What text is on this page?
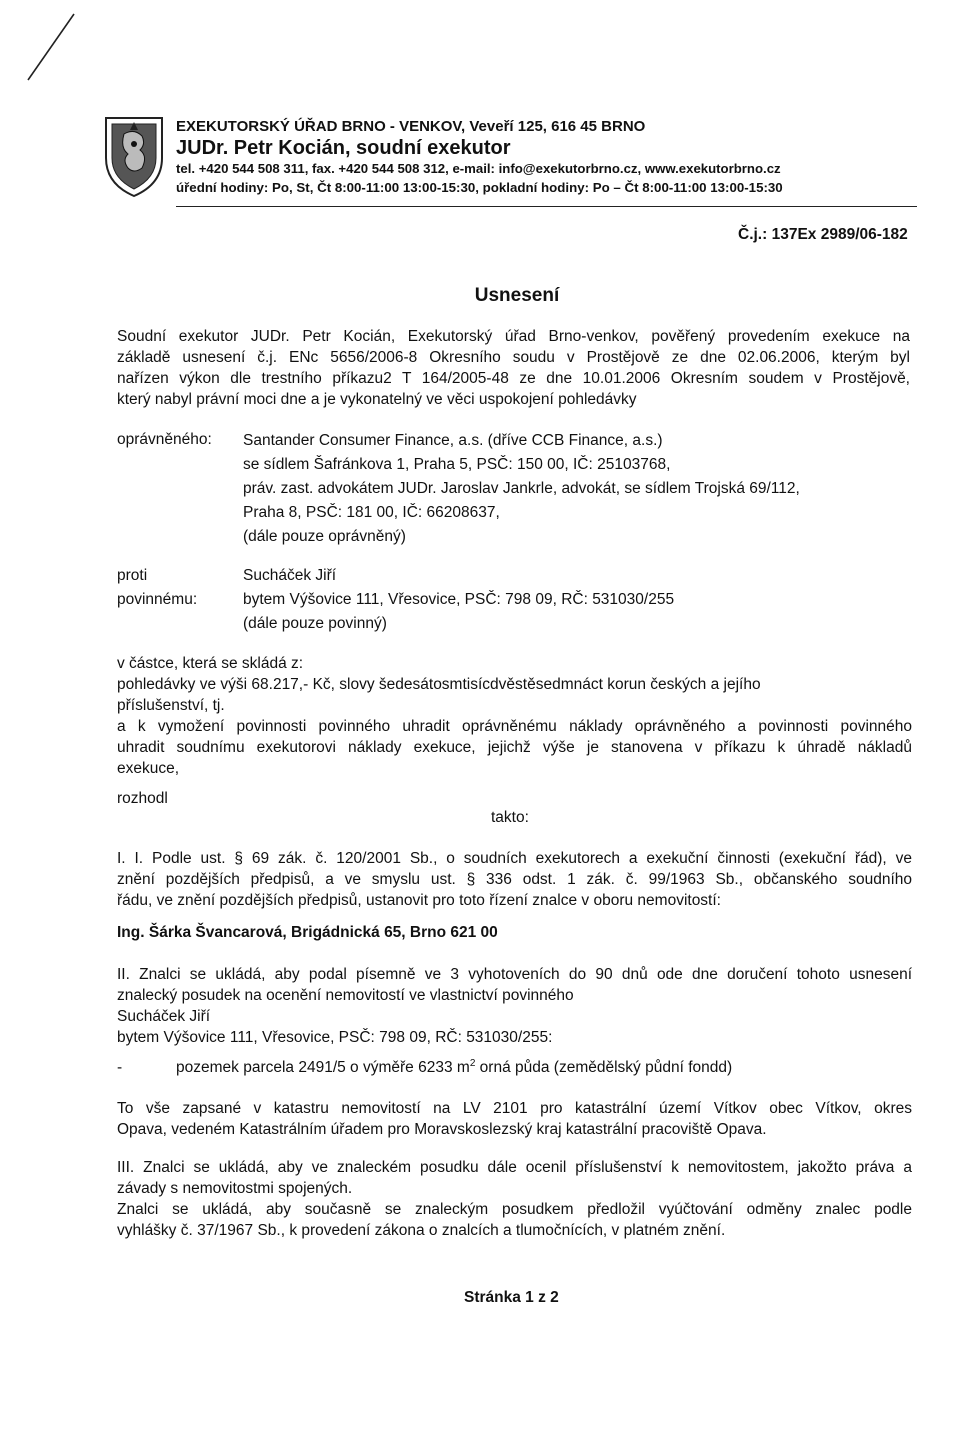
EXEKUTORSKÝ ÚŘAD BRNO - VENKOV, Veveří 125, 616 45 BRNO
JUDr. Petr Kocián, soudní exekutor
tel. +420 544 508 311, fax. +420 544 508 312, e-mail: info@exekutorbrno.cz, www.exekutorbrno.cz
úřední hodiny: Po, St, Čt 8:00-11:00 13:00-15:30, pokladní hodiny: Po – Čt 8:00-11:00 13:00-15:30
Č.j.: 137Ex 2989/06-182
Usnesení
Soudní exekutor JUDr. Petr Kocián, Exekutorský úřad Brno-venkov, pověřený provedením exekuce na
základě usnesení č.j. ENc 5656/2006-8 Okresního soudu v Prostějově ze dne 02.06.2006, kterým byl
nařízen výkon dle trestního příkazu2 T 164/2005-48 ze dne 10.01.2006 Okresním soudem v Prostějově,
který nabyl právní moci dne a je vykonatelný ve věci uspokojení pohledávky
oprávněného: Santander Consumer Finance, a.s. (dříve CCB Finance, a.s.)
se sídlem Šafránkova 1, Praha 5, PSČ: 150 00, IČ: 25103768,
práv. zast. advokátem JUDr. Jaroslav Jankrle, advokát, se sídlem Trojská 69/112,
Praha 8, PSČ: 181 00, IČ: 66208637,
(dále pouze oprávněný)
proti
povinnému:
Sucháček Jiří
bytem Výšovice 111, Vřesovice, PSČ: 798 09, RČ: 531030/255
(dále pouze povinný)
v částce, která se skládá z:
pohledávky ve výši 68.217,- Kč, slovy šedesátosmtisícdvěstěsedmnáct korun českých a jejího
příslušenství, tj.
a k vymožení povinnosti povinného uhradit oprávněnému náklady oprávněného a povinnosti povinného
uhradit soudnímu exekutorovi náklady exekuce, jejichž výše je stanovena v příkazu k úhradě nákladů
exekuce,
rozhodl
takto:
I. I. Podle ust. § 69 zák. č. 120/2001 Sb., o soudních exekutorech a exekuční činnosti (exekuční řád), ve
znění pozdějších předpisů, a ve smyslu ust. § 336 odst. 1 zák. č. 99/1963 Sb., občanského soudního
řádu, ve znění pozdějších předpisů, ustanovit pro toto řízení znalce v oboru nemovitostí:
Ing. Šárka Švancarová, Brigádnická 65, Brno 621 00
II. Znalci se ukládá, aby podal písemně ve 3 vyhotoveních do 90 dnů ode dne doručení tohoto usnesení
znalecký posudek na ocenění nemovitostí ve vlastnictví povinného
Sucháček Jiří
bytem Výšovice 111, Vřesovice, PSČ: 798 09, RČ: 531030/255:
-	pozemek parcela 2491/5 o výměře 6233 $m^2$ orná půda (zemědělský půdní fondd)
To vše zapsané v katastru nemovitostí na LV 2101 pro katastrální území Vítkov obec Vítkov, okres
Opava, vedeném Katastrálním úřadem pro Moravskoslezský kraj katastrální pracoviště Opava.
III. Znalci se ukládá, aby ve znaleckém posudku dále ocenil příslušenství k nemovitostem, jakožto práva a
závady s nemovitostmi spojených.
Znalci se ukládá, aby současně se znaleckým posudkem předložil vyúčtování odměny znalec podle
vyhlášky č. 37/1967 Sb., k provedení zákona o znalcích a tlumočnících, v platném znění.
Stránka 1 z 2
